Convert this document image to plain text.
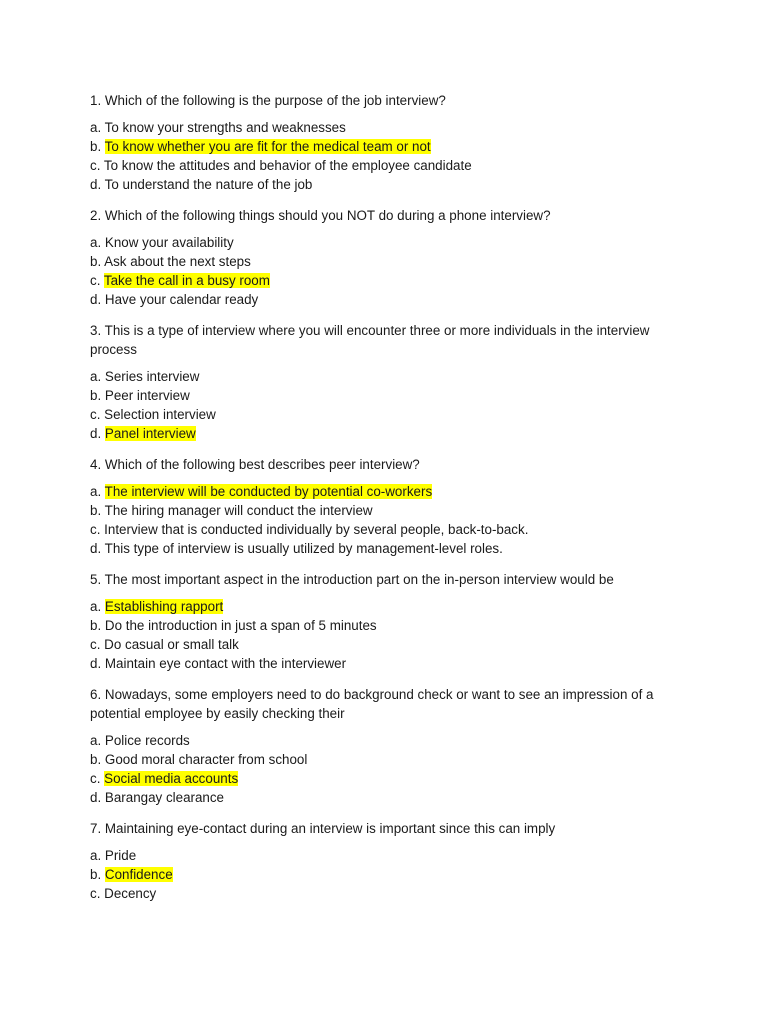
1. Which of the following is the purpose of the job interview?

a. To know your strengths and weaknesses
b. To know whether you are fit for the medical team or not
c. To know the attitudes and behavior of the employee candidate
d. To understand the nature of the job

2. Which of the following things should you NOT do during a phone interview?

a. Know your availability
b. Ask about the next steps
c. Take the call in a busy room
d. Have your calendar ready

3. This is a type of interview where you will encounter three or more individuals in the interview process

a. Series interview
b. Peer interview
c. Selection interview
d. Panel interview

4. Which of the following best describes peer interview?

a. The interview will be conducted by potential co-workers
b. The hiring manager will conduct the interview
c. Interview that is conducted individually by several people, back-to-back.
d. This type of interview is usually utilized by management-level roles.

5. The most important aspect in the introduction part on the in-person interview would be

a. Establishing rapport
b. Do the introduction in just a span of 5 minutes
c. Do casual or small talk
d. Maintain eye contact with the interviewer

6. Nowadays, some employers need to do background check or want to see an impression of a potential employee by easily checking their

a. Police records
b. Good moral character from school
c. Social media accounts
d. Barangay clearance

7. Maintaining eye-contact during an interview is important since this can imply

a. Pride
b. Confidence
c. Decency
